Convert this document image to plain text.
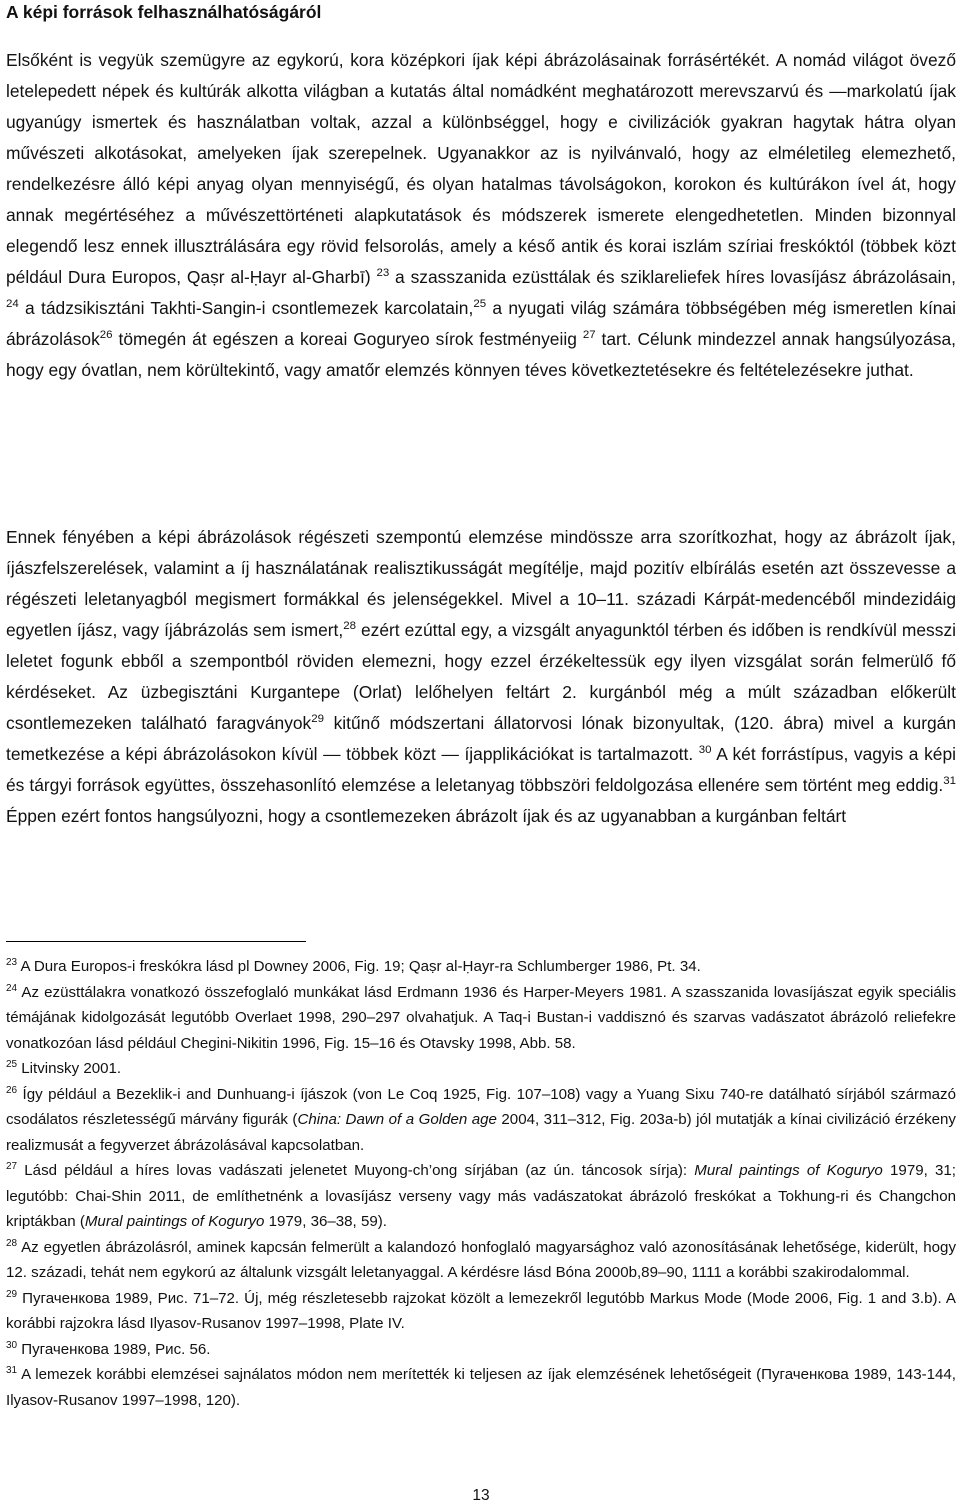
A képi források felhasználhatóságáról

Elsőként is vegyük szemügyre az egykorú, kora középkori íjak képi ábrázolásainak forrásértékét. A nomád világot övező letelepedett népek és kultúrák alkotta világban a kutatás által nomádként meghatározott merevszarvú és ―markolatú íjak ugyanúgy ismertek és használatban voltak, azzal a különbséggel, hogy e civilizációk gyakran hagytak hátra olyan művészeti alkotásokat, amelyeken íjak szerepelnek. Ugyanakkor az is nyilvánvaló, hogy az elméletileg elemezhető, rendelkezésre álló képi anyag olyan mennyiségű, és olyan hatalmas távolságokon, korokon és kultúrákon ível át, hogy annak megértéséhez a művészettörténeti alapkutatások és módszerek ismerete elengedhetetlen. Minden bizonnyal elegendő lesz ennek illusztrálására egy rövid felsorolás, amely a késő antik és korai iszlám szíriai freskóktól (többek közt például Dura Europos, Qaṣr al-Ḥayr al-Gharbī) $^{23}$ a szasszanida ezüsttálak és sziklareliefek híres lovasíjász ábrázolásain, $^{24}$ a tádzsikisztáni Takhti-Sangin-i csontlemezek karcolatain,$^{25}$ a nyugati világ számára többségében még ismeretlen kínai ábrázolások$^{26}$ tömegén át egészen a koreai Goguryeo sírok festményeiig $^{27}$ tart. Célunk mindezzel annak hangsúlyozása, hogy egy óvatlan, nem körültekintő, vagy amatőr elemzés könnyen téves következtetésekre és feltételezésekre juthat.

Ennek fényében a képi ábrázolások régészeti szempontú elemzése mindössze arra szorítkozhat, hogy az ábrázolt íjak, íjászfelszerelések, valamint a íj használatának realisztikusságát megítélje, majd pozitív elbírálás esetén azt összevesse a régészeti leletanyagból megismert formákkal és jelenségekkel. Mivel a 10–11. századi Kárpát-medencéből mindezidáig egyetlen íjász, vagy íjábrázolás sem ismert,$^{28}$ ezért ezúttal egy, a vizsgált anyagunktól térben és időben is rendkívül messzi leletet fogunk ebből a szempontból röviden elemezni, hogy ezzel érzékeltessük egy ilyen vizsgálat során felmerülő fő kérdéseket. Az üzbegisztáni Kurgantepe (Orlat) lelőhelyen feltárt 2. kurgánból még a múlt században előkerült csontlemezeken található faragványok$^{29}$ kitűnő módszertani állatorvosi lónak bizonyultak, (120. ábra) mivel a kurgán temetkezése a képi ábrázolásokon kívül ― többek közt ― íjapplikációkat is tartalmazott. $^{30}$ A két forrástípus, vagyis a képi és tárgyi források együttes, összehasonlító elemzése a leletanyag többszöri feldolgozása ellenére sem történt meg eddig.$^{31}$ Éppen ezért fontos hangsúlyozni, hogy a csontlemezeken ábrázolt íjak és az ugyanabban a kurgánban feltárt

$^{23}$ A Dura Europos-i freskókra lásd pl Downey 2006, Fig. 19; Qaṣr al-Ḥayr-ra Schlumberger 1986, Pt. 34.

$^{24}$ Az ezüsttálakra vonatkozó összefoglaló munkákat lásd Erdmann 1936 és Harper-Meyers 1981. A szasszanida lovasíjászat egyik speciális témájának kidolgozását legutóbb Overlaet 1998, 290–297 olvahatjuk. A Taq-i Bustan-i vaddisznó és szarvas vadászatot ábrázoló reliefekre vonatkozóan lásd például Chegini-Nikitin 1996, Fig. 15–16 és Otavsky 1998, Abb. 58.

$^{25}$ Litvinsky 2001.

$^{26}$ Így például a Bezeklik-i and Dunhuang-i íjászok (von Le Coq 1925, Fig. 107–108) vagy a Yuang Sixu 740-re datálható sírjából származó csodálatos részletességű márvány figurák (China: Dawn of a Golden age 2004, 311–312, Fig. 203a-b) jól mutatják a kínai civilizáció érzékeny realizmusát a fegyverzet ábrázolásával kapcsolatban.

$^{27}$ Lásd például a híres lovas vadászati jelenetet Muyong-ch’ong sírjában (az ún. táncosok sírja): Mural paintings of Koguryo 1979, 31; legutóbb: Chai-Shin 2011, de említhetnénk a lovasíjász verseny vagy más vadászatokat ábrázoló freskókat a Tokhung-ri és Changchon kriptákban (Mural paintings of Koguryo 1979, 36–38, 59).

$^{28}$ Az egyetlen ábrázolásról, aminek kapcsán felmerült a kalandozó honfoglaló magyarsághoz való azonosításának lehetősége, kiderült, hogy 12. századi, tehát nem egykorú az általunk vizsgált leletanyaggal. A kérdésre lásd Bóna 2000b,89–90, 1111 a korábbi szakirodalommal.

$^{29}$ Пугаченкова 1989, Рис. 71–72. Új, még részletesebb rajzokat közölt a lemezekről legutóbb Markus Mode (Mode 2006, Fig. 1 and 3.b). A korábbi rajzokra lásd Ilyasov-Rusanov 1997–1998, Plate IV.

$^{30}$ Пугаченкова 1989, Рис. 56.

$^{31}$ A lemezek korábbi elemzései sajnálatos módon nem merítették ki teljesen az íjak elemzésének lehetőségeit (Пугаченкова 1989, 143-144, Ilyasov-Rusanov 1997–1998, 120).

13
